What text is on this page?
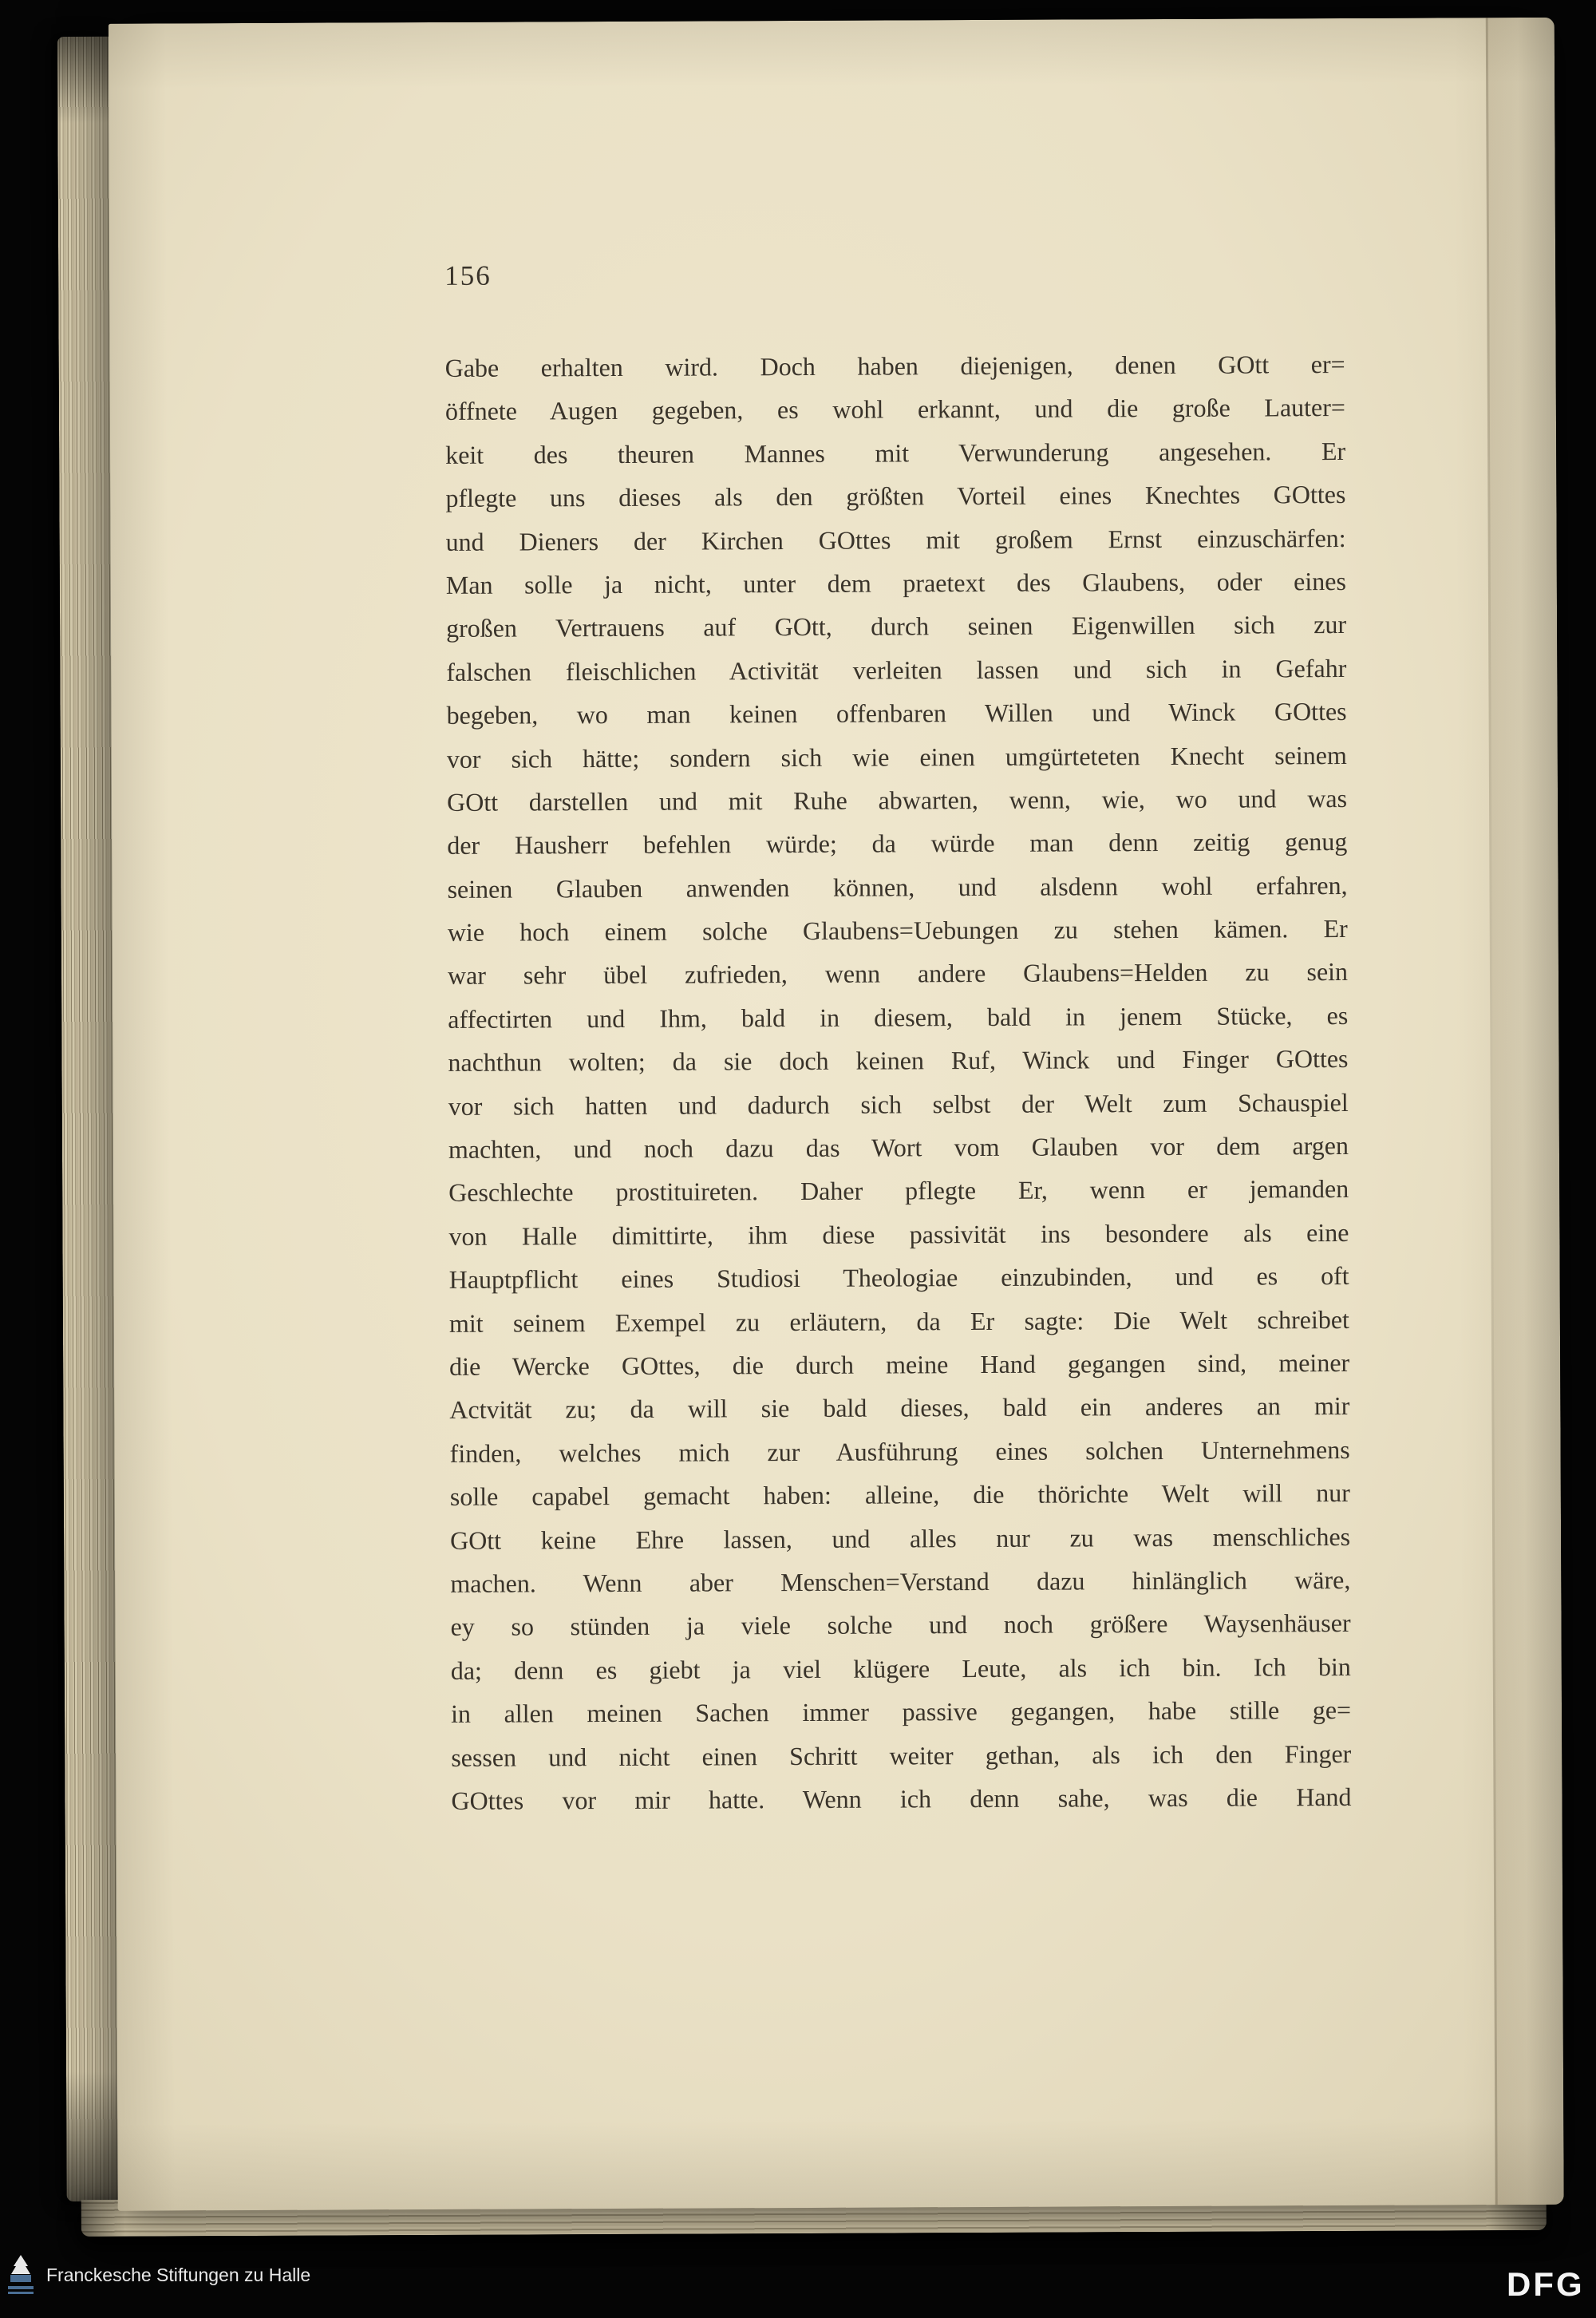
156
Gabe erhalten wird. Doch haben diejenigen, denen GOtt er=
öffnete Augen gegeben, es wohl erkannt, und die große Lauter=
keit des theuren Mannes mit Verwunderung angesehen. Er
pflegte uns dieses als den größten Vorteil eines Knechtes GOttes
und Dieners der Kirchen GOttes mit großem Ernst einzuschärfen:
Man solle ja nicht, unter dem praetext des Glaubens, oder eines
großen Vertrauens auf GOtt, durch seinen Eigenwillen sich zur
falschen fleischlichen Activität verleiten lassen und sich in Gefahr
begeben, wo man keinen offenbaren Willen und Winck GOttes
vor sich hätte; sondern sich wie einen umgürteteten Knecht seinem
GOtt darstellen und mit Ruhe abwarten, wenn, wie, wo und was
der Hausherr befehlen würde; da würde man denn zeitig genug
seinen Glauben anwenden können, und alsdenn wohl erfahren,
wie hoch einem solche Glaubens=Uebungen zu stehen kämen. Er
war sehr übel zufrieden, wenn andere Glaubens=Helden zu sein
affectirten und Ihm, bald in diesem, bald in jenem Stücke, es
nachthun wolten; da sie doch keinen Ruf, Winck und Finger GOttes
vor sich hatten und dadurch sich selbst der Welt zum Schauspiel
machten, und noch dazu das Wort vom Glauben vor dem argen
Geschlechte prostituireten. Daher pflegte Er, wenn er jemanden
von Halle dimittirte, ihm diese passivität ins besondere als eine
Hauptpflicht eines Studiosi Theologiae einzubinden, und es oft
mit seinem Exempel zu erläutern, da Er sagte: Die Welt schreibet
die Wercke GOttes, die durch meine Hand gegangen sind, meiner
Actvität zu; da will sie bald dieses, bald ein anderes an mir
finden, welches mich zur Ausführung eines solchen Unternehmens
solle capabel gemacht haben: alleine, die thörichte Welt will nur
GOtt keine Ehre lassen, und alles nur zu was menschliches
machen. Wenn aber Menschen=Verstand dazu hinlänglich wäre,
ey so stünden ja viele solche und noch größere Waysenhäuser
da; denn es giebt ja viel klügere Leute, als ich bin. Ich bin
in allen meinen Sachen immer passive gegangen, habe stille ge=
sessen und nicht einen Schritt weiter gethan, als ich den Finger
GOttes vor mir hatte. Wenn ich denn sahe, was die Hand
Franckesche Stiftungen zu Halle	DFG
